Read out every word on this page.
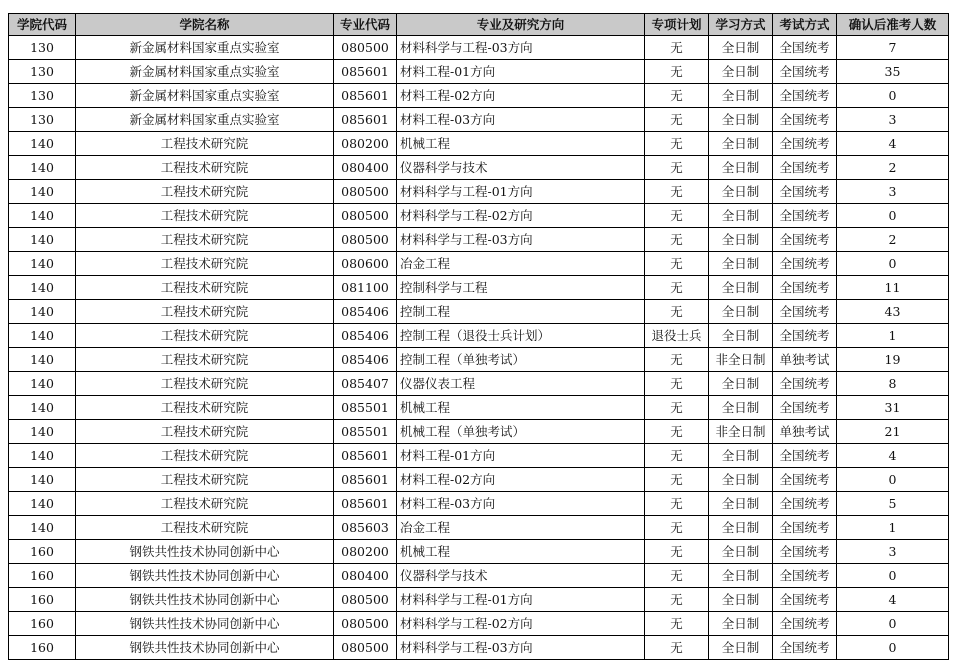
学院代码	学院名称	专业代码	专业及研究方向	专项计划	学习方式	考试方式	确认后准考人数
130	新金属材料国家重点实验室	080500	材料科学与工程-03方向	无	全日制	全国统考	7
130	新金属材料国家重点实验室	085601	材料工程-01方向	无	全日制	全国统考	35
130	新金属材料国家重点实验室	085601	材料工程-02方向	无	全日制	全国统考	0
130	新金属材料国家重点实验室	085601	材料工程-03方向	无	全日制	全国统考	3
140	工程技术研究院	080200	机械工程	无	全日制	全国统考	4
140	工程技术研究院	080400	仪器科学与技术	无	全日制	全国统考	2
140	工程技术研究院	080500	材料科学与工程-01方向	无	全日制	全国统考	3
140	工程技术研究院	080500	材料科学与工程-02方向	无	全日制	全国统考	0
140	工程技术研究院	080500	材料科学与工程-03方向	无	全日制	全国统考	2
140	工程技术研究院	080600	冶金工程	无	全日制	全国统考	0
140	工程技术研究院	081100	控制科学与工程	无	全日制	全国统考	11
140	工程技术研究院	085406	控制工程	无	全日制	全国统考	43
140	工程技术研究院	085406	控制工程（退役士兵计划）	退役士兵	全日制	全国统考	1
140	工程技术研究院	085406	控制工程（单独考试）	无	非全日制	单独考试	19
140	工程技术研究院	085407	仪器仪表工程	无	全日制	全国统考	8
140	工程技术研究院	085501	机械工程	无	全日制	全国统考	31
140	工程技术研究院	085501	机械工程（单独考试）	无	非全日制	单独考试	21
140	工程技术研究院	085601	材料工程-01方向	无	全日制	全国统考	4
140	工程技术研究院	085601	材料工程-02方向	无	全日制	全国统考	0
140	工程技术研究院	085601	材料工程-03方向	无	全日制	全国统考	5
140	工程技术研究院	085603	冶金工程	无	全日制	全国统考	1
160	钢铁共性技术协同创新中心	080200	机械工程	无	全日制	全国统考	3
160	钢铁共性技术协同创新中心	080400	仪器科学与技术	无	全日制	全国统考	0
160	钢铁共性技术协同创新中心	080500	材料科学与工程-01方向	无	全日制	全国统考	4
160	钢铁共性技术协同创新中心	080500	材料科学与工程-02方向	无	全日制	全国统考	0
160	钢铁共性技术协同创新中心	080500	材料科学与工程-03方向	无	全日制	全国统考	0
